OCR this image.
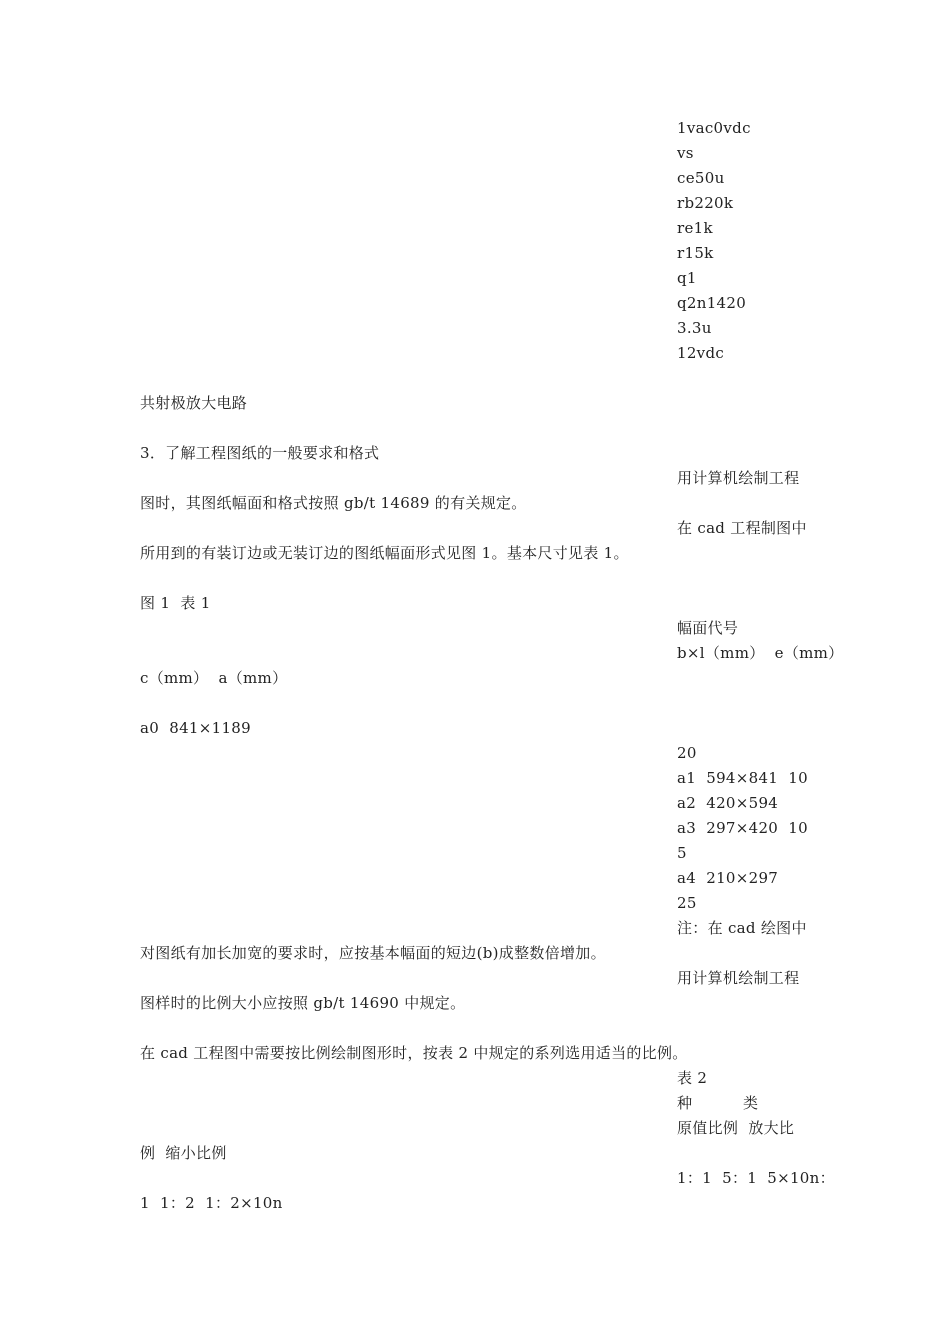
1vac0vdc
vs
ce50u
rb220k
re1k
r15k
q1
q2n1420
3.3u
12vdc
共射极放大电路
3．了解工程图纸的一般要求和格式
用计算机绘制工程
图时，其图纸幅面和格式按照 gb/t 14689 的有关规定。
在 cad 工程制图中
所用到的有装订边或无装订边的图纸幅面形式见图 1。基本尺寸见表 1。
图 1  表 1
幅面代号
b×l（mm）  e（mm）
c（mm）  a（mm）
a0  841×1189
20
a1  594×841  10
a2  420×594
a3  297×420  10
5
a4  210×297
25
注：在 cad 绘图中
对图纸有加长加宽的要求时，应按基本幅面的短边(b)成整数倍增加。
用计算机绘制工程
图样时的比例大小应按照 gb/t 14690 中规定。
在 cad 工程图中需要按比例绘制图形时，按表 2 中规定的系列选用适当的比例。
表 2
种          类
原值比例  放大比
例  缩小比例
1：1  5：1  5×10n：
1  1：2  1：2×10n
